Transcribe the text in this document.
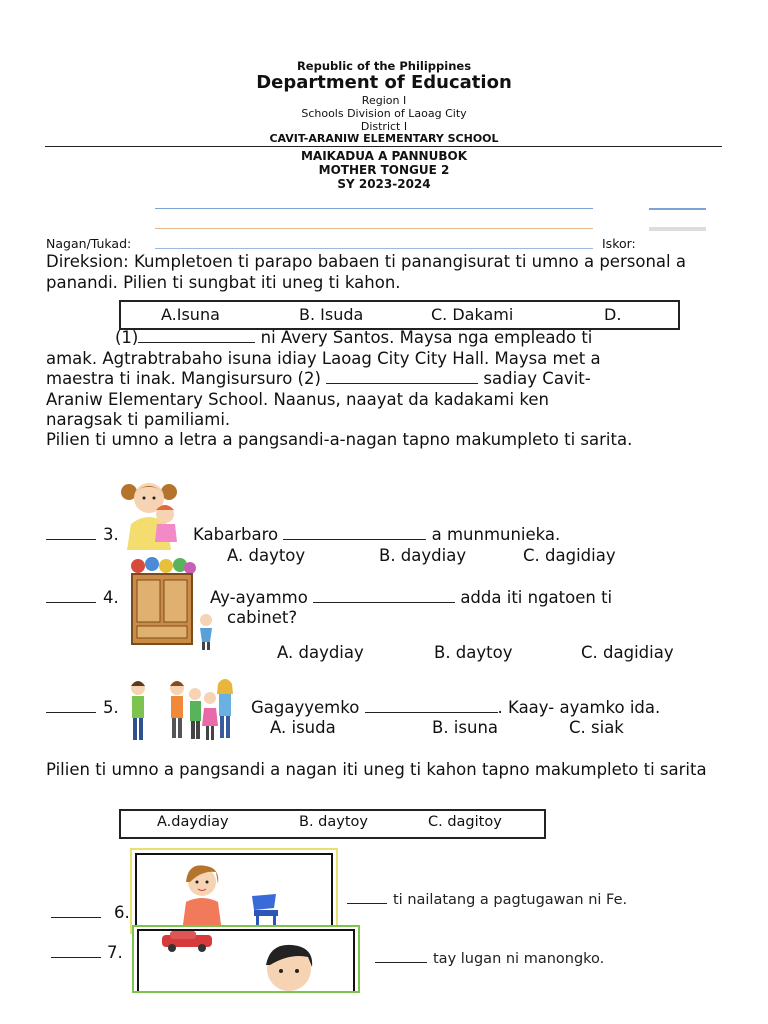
Republic of the Philippines
Department of Education
Region I
Schools Division of Laoag City
District I
CAVIT-ARANIW ELEMENTARY SCHOOL
MAIKADUA A PANNUBOK
MOTHER TONGUE 2
SY 2023-2024
Nagan/Tukad:	Iskor:
Direksion: Kumpletoen ti parapo babaen ti panangisurat ti umno a personal a panandi. Pilien ti sungbat iti uneg ti kahon.
A.Isuna	B. Isuda	C. Dakami	D.
(1)	ni Avery Santos. Maysa nga empleado ti
amak. Agtrabtrabaho isuna idiay Laoag City City Hall. Maysa met a
maestra ti inak. Mangisursuro (2)	sadiay Cavit-
Araniw Elementary School. Naanus, naayat da kadakami ken
naragsak ti pamiliami.
Pilien ti umno a letra a pangsandi-a-nagan tapno makumpleto ti sarita.
3.	Kabarbaro	a munmunieka.
A. daytoy	B. daydiay	C. dagidiay
4.	Ay-ayammo	adda iti ngatoen ti
cabinet?
A. daydiay	B. daytoy	C. dagidiay
5.	Gagayyemko	. Kaay- ayamko ida.
A. isuda	B. isuna	C. siak
Pilien ti umno a pangsandi a nagan iti uneg ti kahon tapno makumpleto ti sarita
A.daydiay	B. daytoy	C. dagitoy
6.
ti nailatang a pagtugawan ni Fe.
7.	tay lugan ni manongko.
